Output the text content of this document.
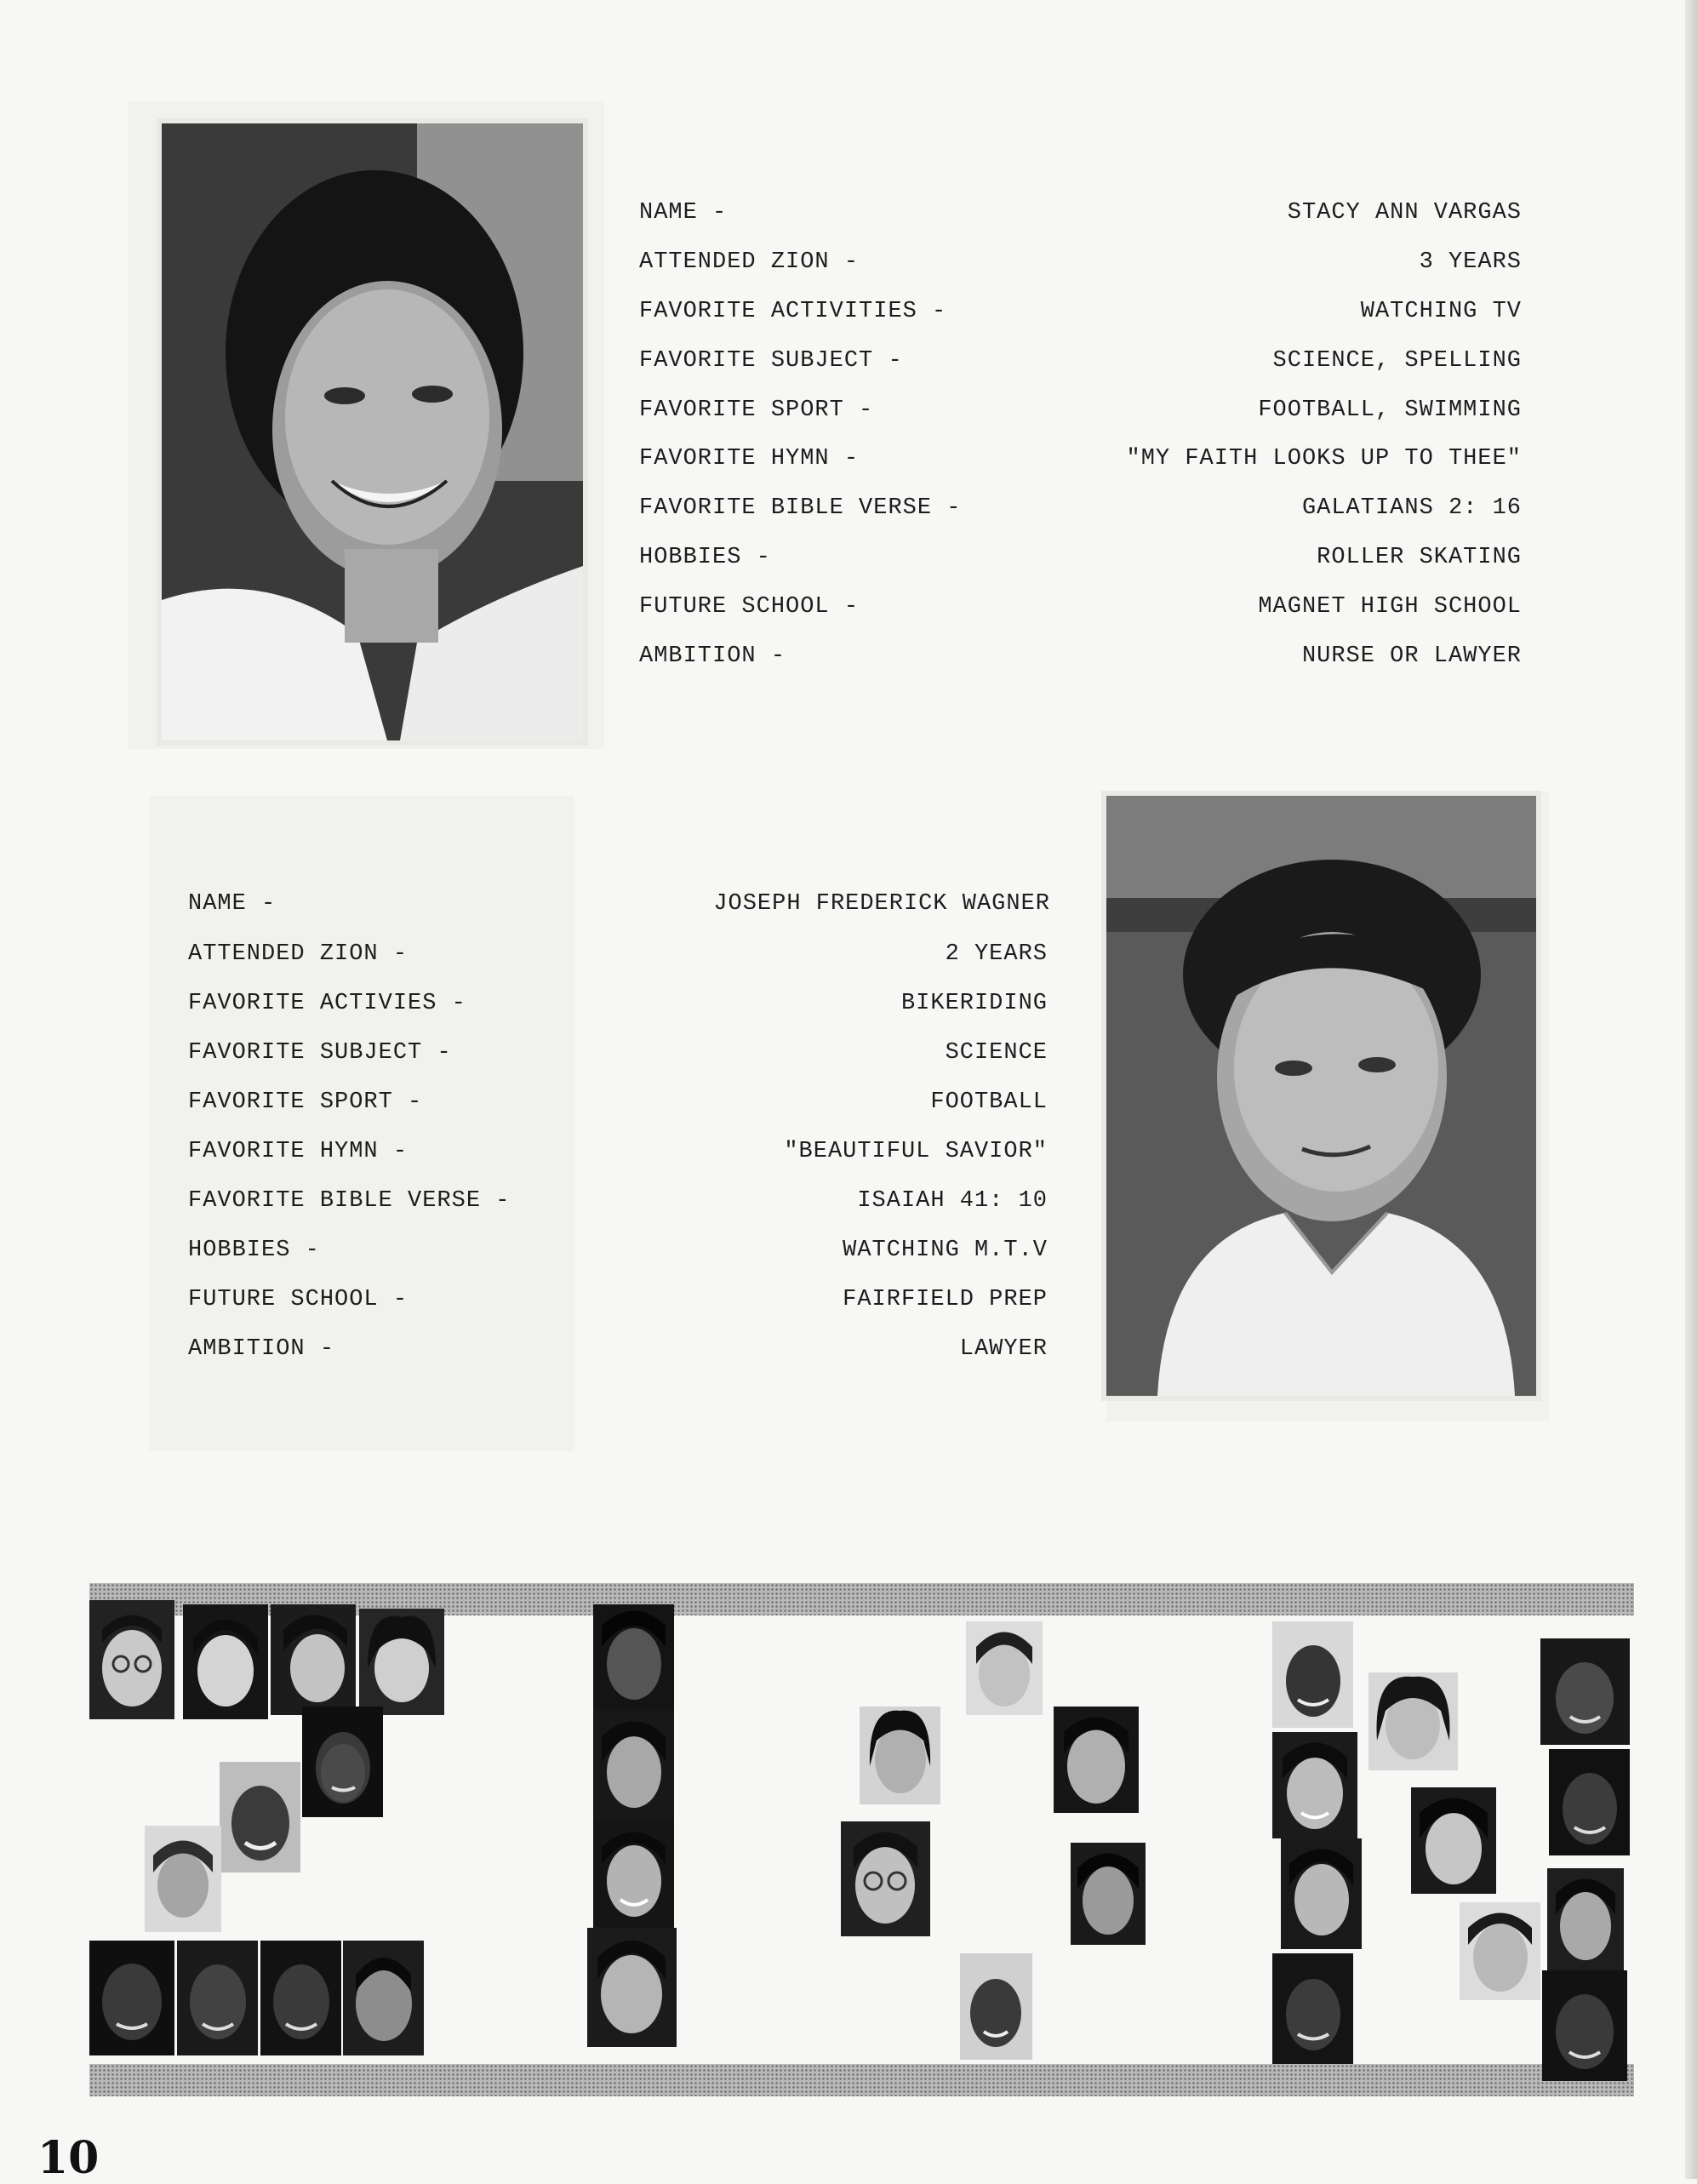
NAME -	STACY ANN VARGAS
ATTENDED ZION -	3 YEARS
FAVORITE ACTIVITIES -	WATCHING TV
FAVORITE SUBJECT -	SCIENCE, SPELLING
FAVORITE SPORT -	FOOTBALL, SWIMMING
FAVORITE HYMN -	"MY FAITH LOOKS UP TO THEE"
FAVORITE BIBLE VERSE -	GALATIANS 2: 16
HOBBIES -	ROLLER SKATING
FUTURE SCHOOL -	MAGNET HIGH SCHOOL
AMBITION -	NURSE OR LAWYER
NAME -	JOSEPH FREDERICK WAGNER
ATTENDED ZION -	2 YEARS
FAVORITE ACTIVIES -	BIKERIDING
FAVORITE SUBJECT -	SCIENCE
FAVORITE SPORT -	FOOTBALL
FAVORITE HYMN -	"BEAUTIFUL SAVIOR"
FAVORITE BIBLE VERSE -	ISAIAH 41: 10
HOBBIES -	WATCHING M.T.V
FUTURE SCHOOL -	FAIRFIELD PREP
AMBITION -	LAWYER
10
